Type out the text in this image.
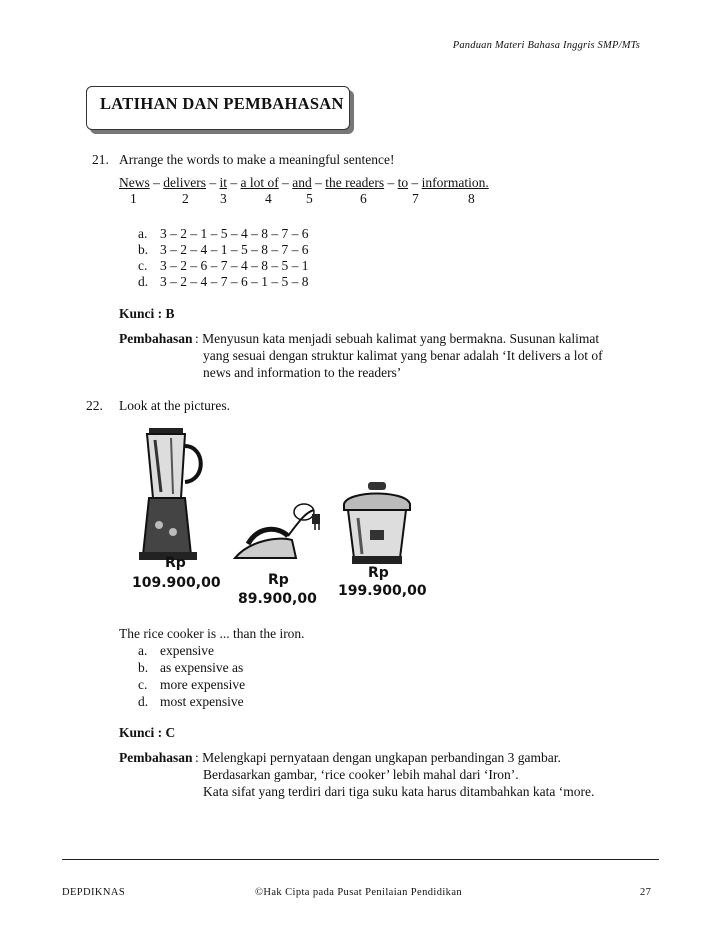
Panduan Materi Bahasa Inggris SMP/MTs
LATIHAN DAN PEMBAHASAN
21. Arrange the words to make a meaningful sentence!
News – delivers – it – a lot of – and – the readers – to – information.
1	2 3	4	5	6	7	8
a. 3 – 2 – 1 – 5 – 4 – 8 – 7 – 6
b. 3 – 2 – 4 – 1 – 5 – 8 – 7 – 6
c. 3 – 2 – 6 – 7 – 4 – 8 – 5 – 1
d. 3 – 2 – 4 – 7 – 6 – 1 – 5 – 8
Kunci : B
Pembahasan : Menyusun kata menjadi sebuah kalimat yang bermakna. Susunan kalimat
yang sesuai dengan struktur kalimat yang benar adalah ‘It delivers a lot of
news and information to the readers’
22. Look at the pictures.
Rp
109.900,00	Rp
89.900,00
Rp
199.900,00
The rice cooker is ... than the iron.
a. expensive
b. as expensive as
c. more expensive
d. most expensive
Kunci : C
Pembahasan : Melengkapi pernyataan dengan ungkapan perbandingan 3 gambar.
Berdasarkan gambar, ‘rice cooker’ lebih mahal dari ‘Iron’.
Kata sifat yang terdiri dari tiga suku kata harus ditambahkan kata ‘more.
DEPDIKNAS	©Hak Cipta pada Pusat Penilaian Pendidikan	27
